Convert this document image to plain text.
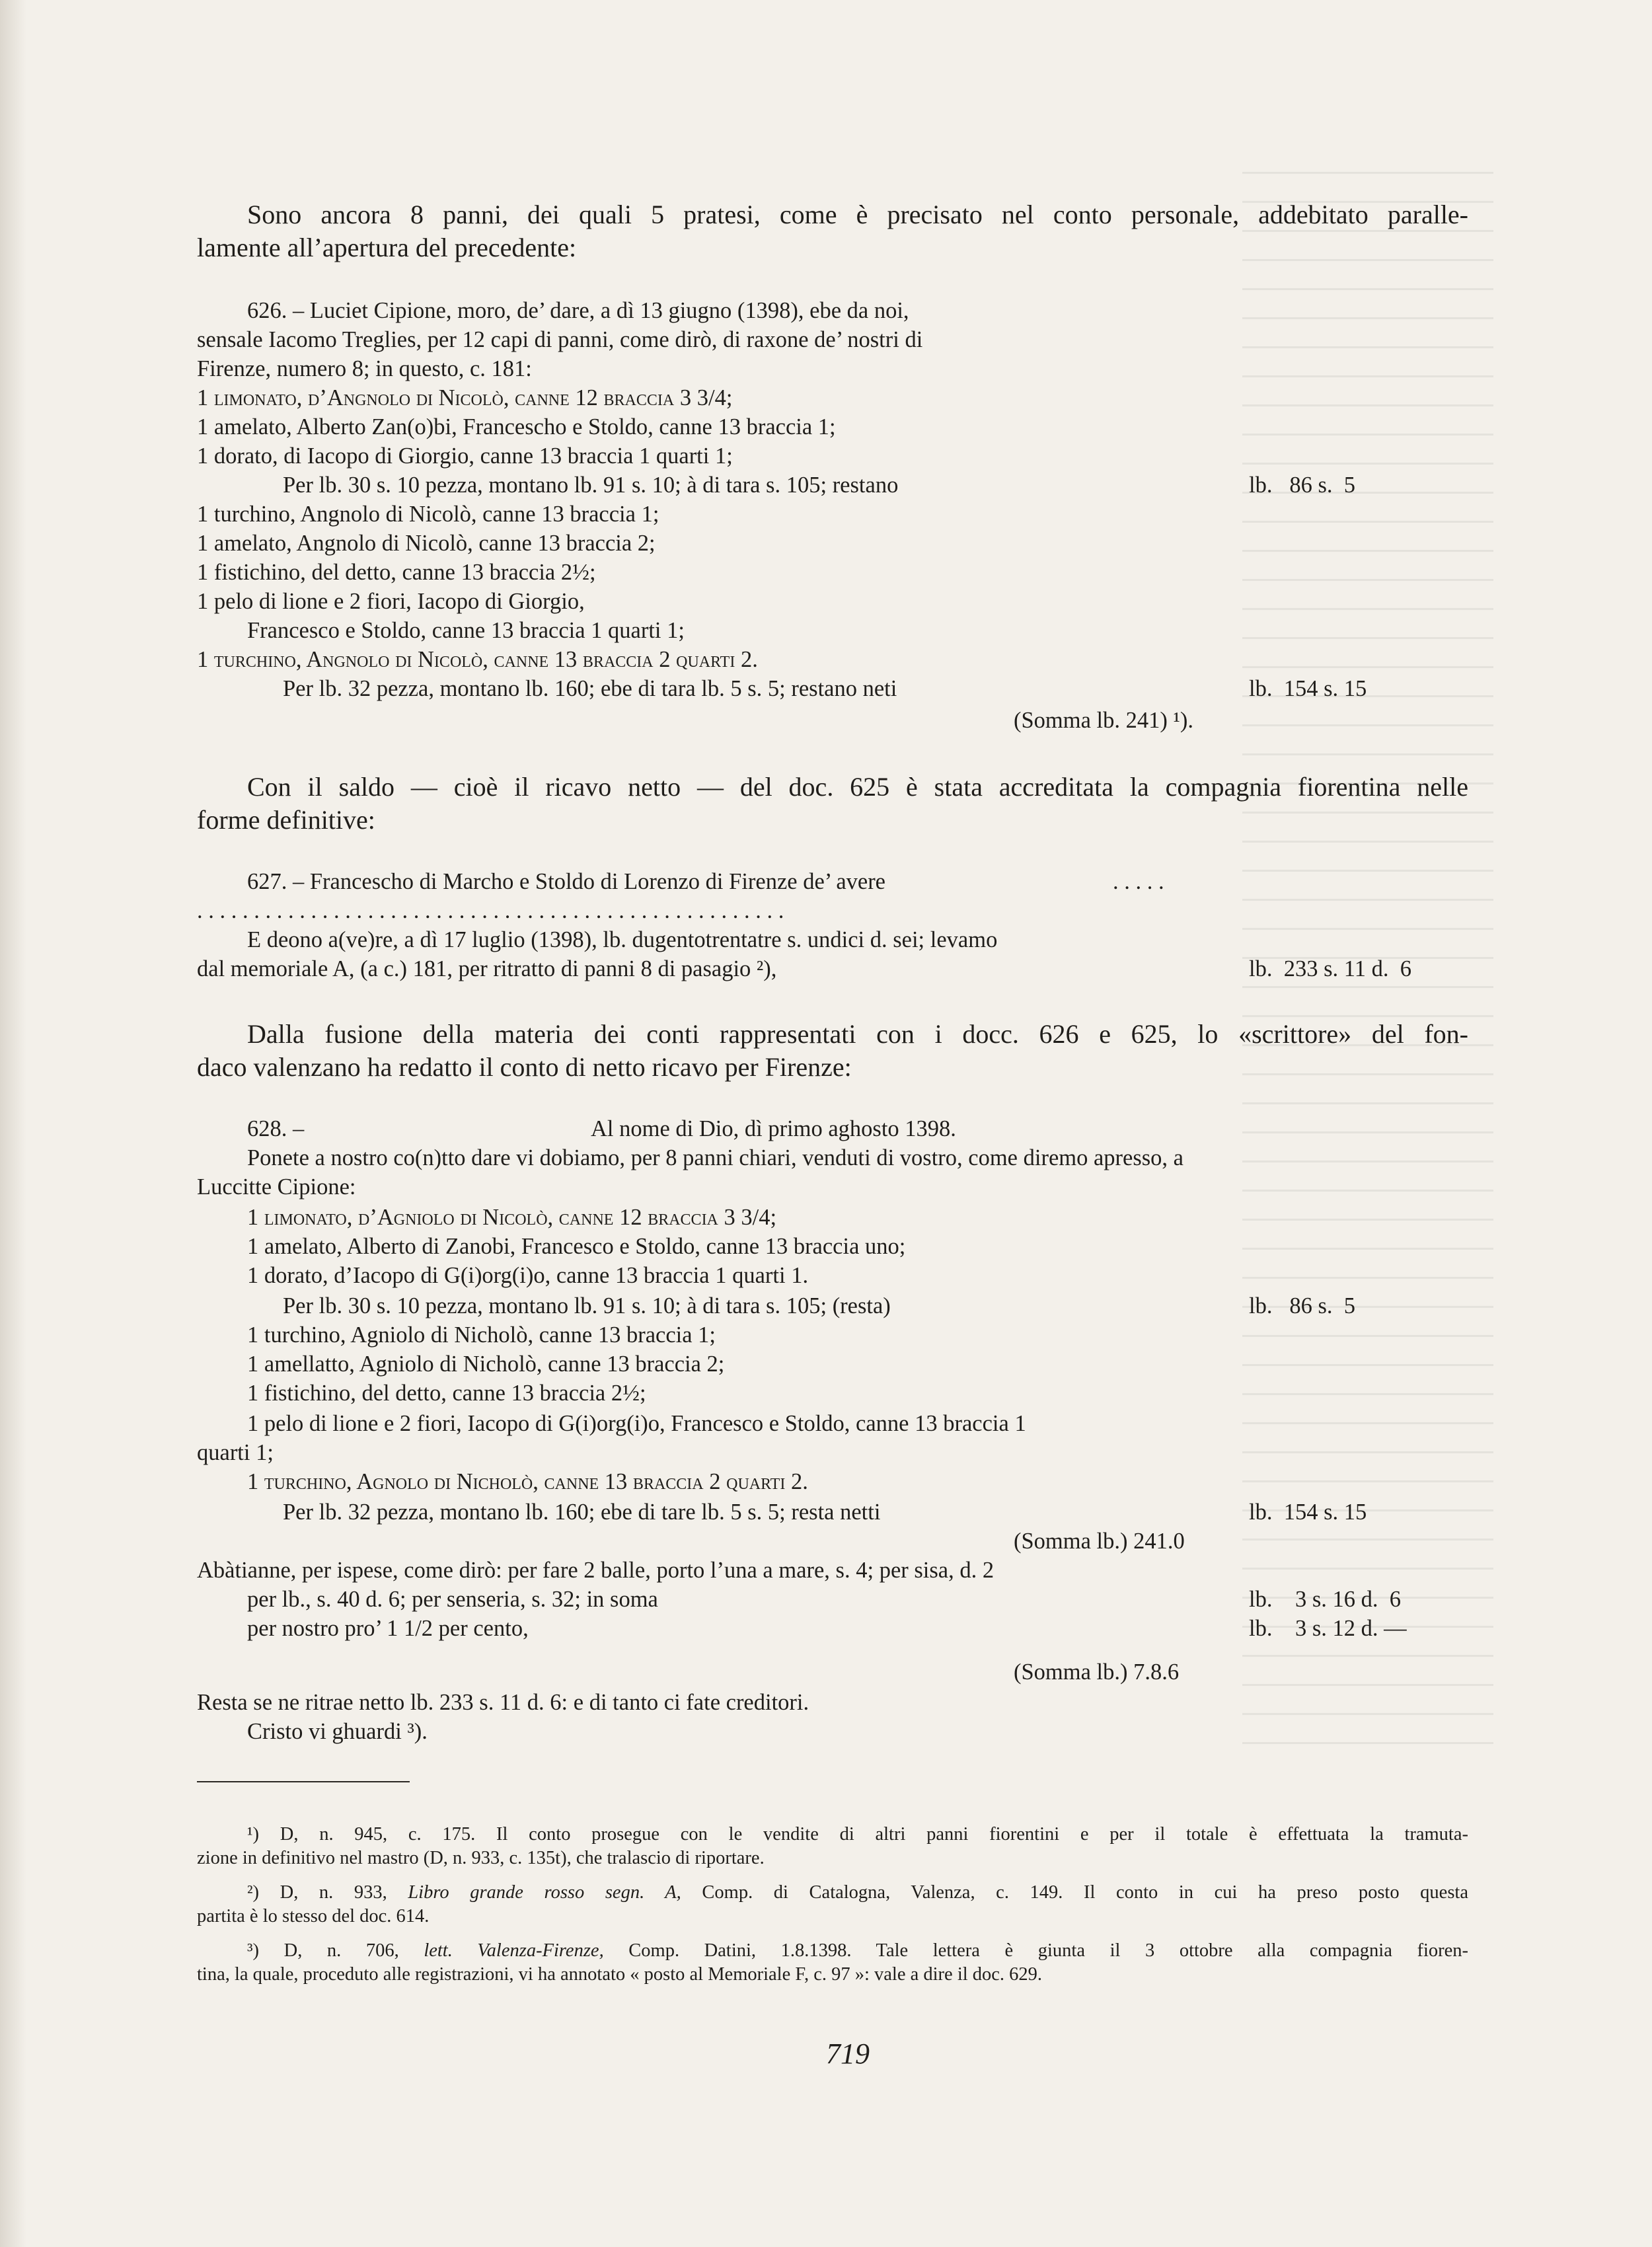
Sono ancora 8 panni, dei quali 5 pratesi, come è precisato nel conto personale, addebitato paralle-
lamente all’apertura del precedente:
626. – Luciet Cipione, moro, de’ dare, a dì 13 giugno (1398), ebe da noi,
sensale Iacomo Treglies, per 12 capi di panni, come dirò, di raxone de’ nostri di
Firenze, numero 8; in questo, c. 181:
1 limonato, d’Angnolo di Nicolò, canne 12 braccia 3 3/4;
1 amelato, Alberto Zan(o)bi, Francescho e Stoldo, canne 13 braccia 1;
1 dorato, di Iacopo di Giorgio, canne 13 braccia 1 quarti 1;
Per lb. 30 s. 10 pezza, montano lb. 91 s. 10; à di tara s. 105; restano	lb.   86 s.  5
1 turchino, Angnolo di Nicolò, canne 13 braccia 1;
1 amelato, Angnolo di Nicolò, canne 13 braccia 2;
1 fistichino, del detto, canne 13 braccia 2½;
1 pelo di lione e 2 fiori, Iacopo di Giorgio,
Francesco e Stoldo, canne 13 braccia 1 quarti 1;
1 turchino, Angnolo di Nicolò, canne 13 braccia 2 quarti 2.
Per lb. 32 pezza, montano lb. 160; ebe di tara lb. 5 s. 5; restano neti	lb.  154 s. 15
(Somma lb. 241) ¹).
Con il saldo — cioè il ricavo netto — del doc. 625 è stata accreditata la compagnia fiorentina nelle
forme definitive:
627. – Francescho di Marcho e Stoldo di Lorenzo di Firenze de’ avere	. . . . .
. . . . . . . . . . . . . . . . . . . . . . . . . . . . . . . . . . . . . . . . . . . . . . . . . . . .
E deono a(ve)re, a dì 17 luglio (1398), lb. dugentotrentatre s. undici d. sei; levamo
dal memoriale A, (a c.) 181, per ritratto di panni 8 di pasagio ²),	lb.  233 s. 11 d.  6
Dalla fusione della materia dei conti rappresentati con i docc. 626 e 625, lo «scrittore» del fon-
daco valenzano ha redatto il conto di netto ricavo per Firenze:
628. –	Al nome di Dio, dì primo aghosto 1398.
Ponete a nostro co(n)tto dare vi dobiamo, per 8 panni chiari, venduti di vostro, come diremo apresso, a
Luccitte Cipione:
1 limonato, d’Agniolo di Nicolò, canne 12 braccia 3 3/4;
1 amelato, Alberto di Zanobi, Francesco e Stoldo, canne 13 braccia uno;
1 dorato, d’Iacopo di G(i)org(i)o, canne 13 braccia 1 quarti 1.
Per lb. 30 s. 10 pezza, montano lb. 91 s. 10; à di tara s. 105; (resta)	lb.   86 s.  5
1 turchino, Agniolo di Nicholò, canne 13 braccia 1;
1 amellatto, Agniolo di Nicholò, canne 13 braccia 2;
1 fistichino, del detto, canne 13 braccia 2½;
1 pelo di lione e 2 fiori, Iacopo di G(i)org(i)o, Francesco e Stoldo, canne 13 braccia 1
quarti 1;
1 turchino, Agnolo di Nicholò, canne 13 braccia 2 quarti 2.
Per lb. 32 pezza, montano lb. 160; ebe di tare lb. 5 s. 5; resta netti	lb.  154 s. 15
(Somma lb.) 241.0
Abàtianne, per ispese, come dirò: per fare 2 balle, porto l’una a mare, s. 4; per sisa, d. 2
per lb., s. 40 d. 6; per senseria, s. 32; in soma	lb.    3 s. 16 d.  6
per nostro pro’ 1 1/2 per cento,	lb.    3 s. 12 d. —
(Somma lb.) 7.8.6
Resta se ne ritrae netto lb. 233 s. 11 d. 6: e di tanto ci fate creditori.
Cristo vi ghuardi ³).
¹) D, n. 945, c. 175. Il conto prosegue con le vendite di altri panni fiorentini e per il totale è effettuata la tramuta-
zione in definitivo nel mastro (D, n. 933, c. 135t), che tralascio di riportare.
²) D, n. 933, Libro grande rosso segn. A, Comp. di Catalogna, Valenza, c. 149. Il conto in cui ha preso posto questa
partita è lo stesso del doc. 614.
³) D, n. 706, lett. Valenza-Firenze, Comp. Datini, 1.8.1398. Tale lettera è giunta il 3 ottobre alla compagnia fioren-
tina, la quale, proceduto alle registrazioni, vi ha annotato « posto al Memoriale F, c. 97 »: vale a dire il doc. 629.
719
